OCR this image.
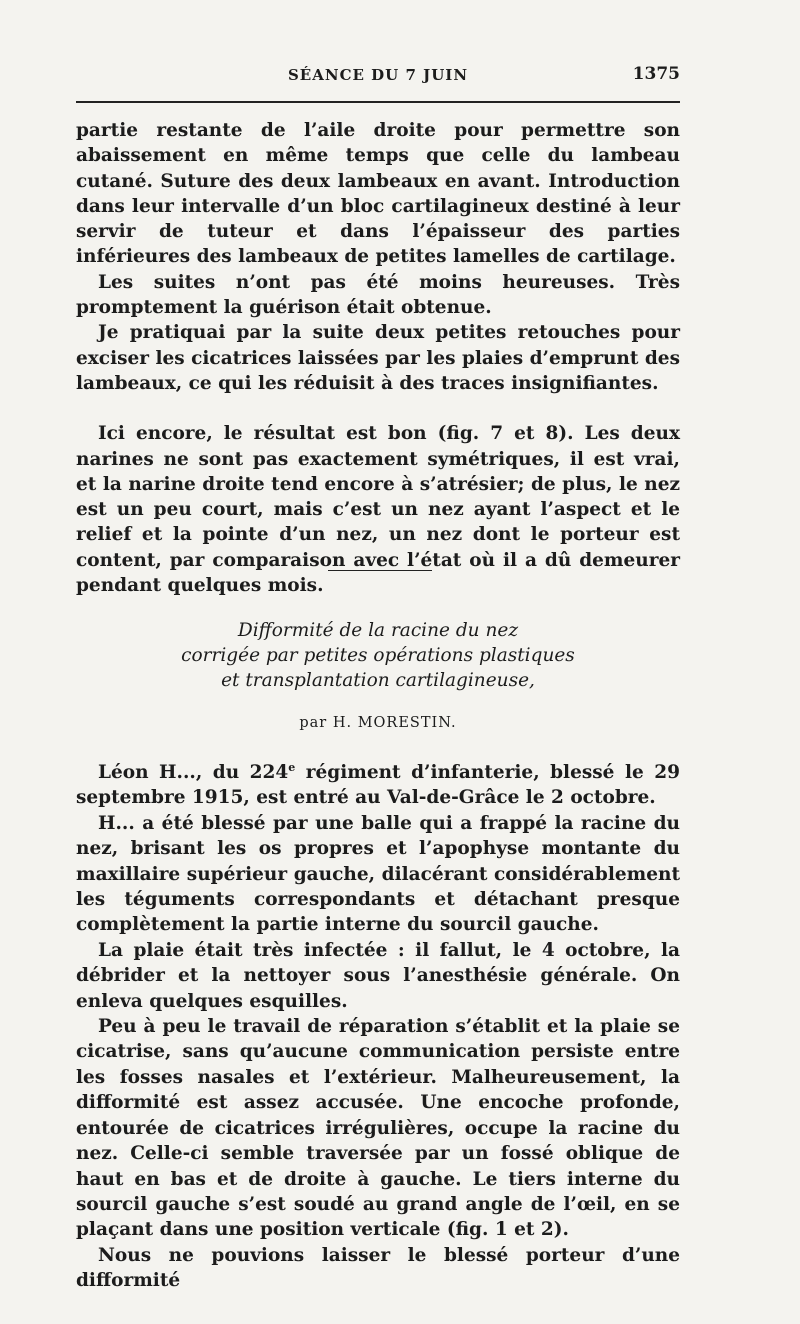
SÉANCE DU 7 JUIN	1375

partie restante de l’aile droite pour permettre son abaissement en même temps que celle du lambeau cutané. Suture des deux lambeaux en avant. Introduction dans leur intervalle d’un bloc cartilagineux destiné à leur servir de tuteur et dans l’épaisseur des parties inférieures des lambeaux de petites lamelles de cartilage.

Les suites n’ont pas été moins heureuses. Très promptement la guérison était obtenue.

Je pratiquai par la suite deux petites retouches pour exciser les cicatrices laissées par les plaies d’emprunt des lambeaux, ce qui les réduisit à des traces insignifiantes.

Ici encore, le résultat est bon (fig. 7 et 8). Les deux narines ne sont pas exactement symétriques, il est vrai, et la narine droite tend encore à s’atrésier; de plus, le nez est un peu court, mais c’est un nez ayant l’aspect et le relief et la pointe d’un nez, un nez dont le porteur est content, par comparaison avec l’état où il a dû demeurer pendant quelques mois.

Difformité de la racine du nez
corrigée par petites opérations plastiques
et transplantation cartilagineuse,
par H. MORESTIN.

Léon H..., du 224e régiment d’infanterie, blessé le 29 septembre 1915, est entré au Val-de-Grâce le 2 octobre.

H... a été blessé par une balle qui a frappé la racine du nez, brisant les os propres et l’apophyse montante du maxillaire supérieur gauche, dilacérant considérablement les téguments correspondants et détachant presque complètement la partie interne du sourcil gauche.

La plaie était très infectée : il fallut, le 4 octobre, la débrider et la nettoyer sous l’anesthésie générale. On enleva quelques esquilles.

Peu à peu le travail de réparation s’établit et la plaie se cicatrise, sans qu’aucune communication persiste entre les fosses nasales et l’extérieur. Malheureusement, la difformité est assez accusée. Une encoche profonde, entourée de cicatrices irrégulières, occupe la racine du nez. Celle-ci semble traversée par un fossé oblique de haut en bas et de droite à gauche. Le tiers interne du sourcil gauche s’est soudé au grand angle de l’œil, en se plaçant dans une position verticale (fig. 1 et 2).

Nous ne pouvions laisser le blessé porteur d’une difformité
